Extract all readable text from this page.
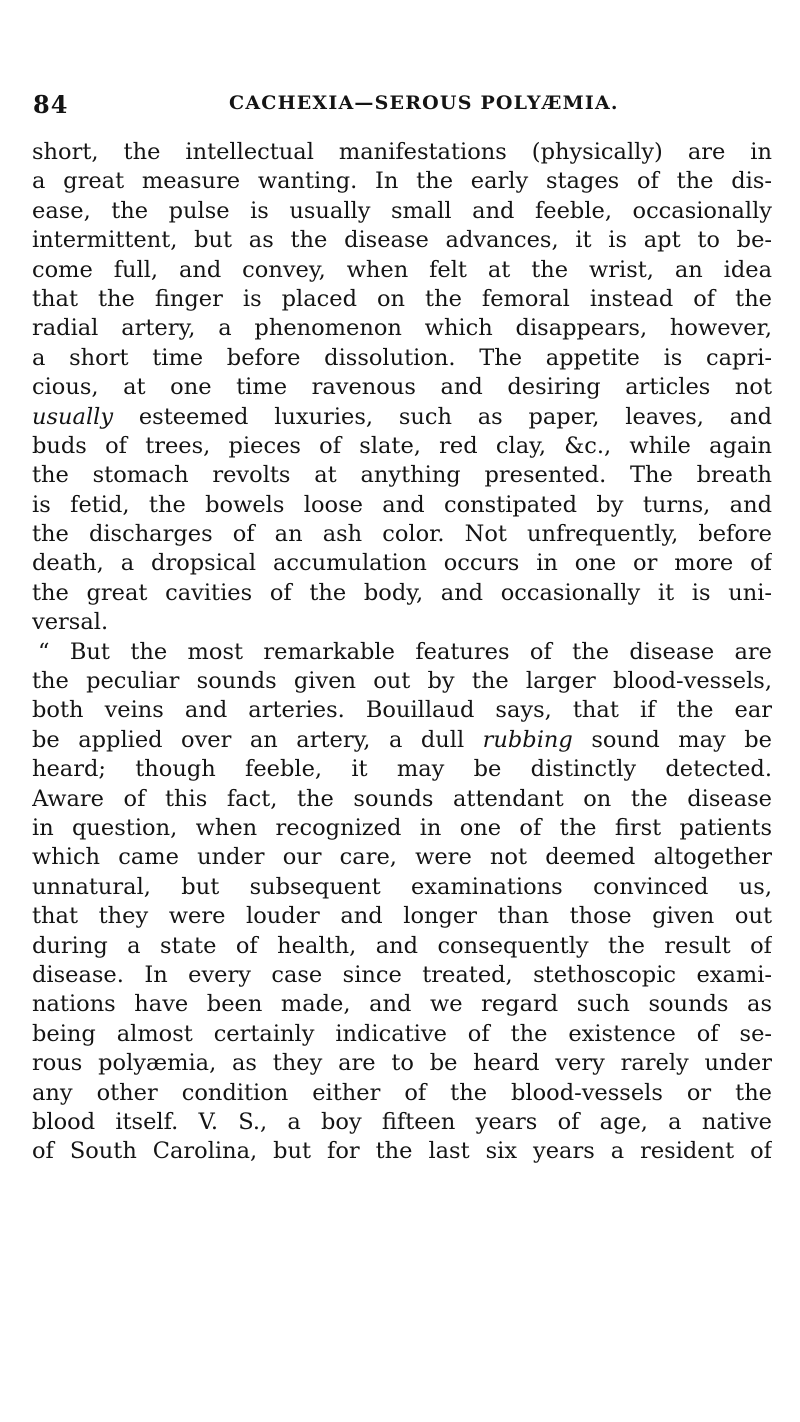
84	CACHEXIA—SEROUS POLYÆMIA.
short, the intellectual manifestations (physically) are in
a great measure wanting. In the early stages of the dis-
ease, the pulse is usually small and feeble, occasionally
intermittent, but as the disease advances, it is apt to be-
come full, and convey, when felt at the wrist, an idea
that the finger is placed on the femoral instead of the
radial artery, a phenomenon which disappears, however,
a short time before dissolution. The appetite is capri-
cious, at one time ravenous and desiring articles not
usually esteemed luxuries, such as paper, leaves, and
buds of trees, pieces of slate, red clay, &c., while again
the stomach revolts at anything presented. The breath
is fetid, the bowels loose and constipated by turns, and
the discharges of an ash color. Not unfrequently, before
death, a dropsical accumulation occurs in one or more of
the great cavities of the body, and occasionally it is uni-
versal.
“ But the most remarkable features of the disease are
the peculiar sounds given out by the larger blood-vessels,
both veins and arteries. Bouillaud says, that if the ear
be applied over an artery, a dull rubbing sound may be
heard; though feeble, it may be distinctly detected.
Aware of this fact, the sounds attendant on the disease
in question, when recognized in one of the first patients
which came under our care, were not deemed altogether
unnatural, but subsequent examinations convinced us,
that they were louder and longer than those given out
during a state of health, and consequently the result of
disease. In every case since treated, stethoscopic exami-
nations have been made, and we regard such sounds as
being almost certainly indicative of the existence of se-
rous polyæmia, as they are to be heard very rarely under
any other condition either of the blood-vessels or the
blood itself. V. S., a boy fifteen years of age, a native
of South Carolina, but for the last six years a resident of
